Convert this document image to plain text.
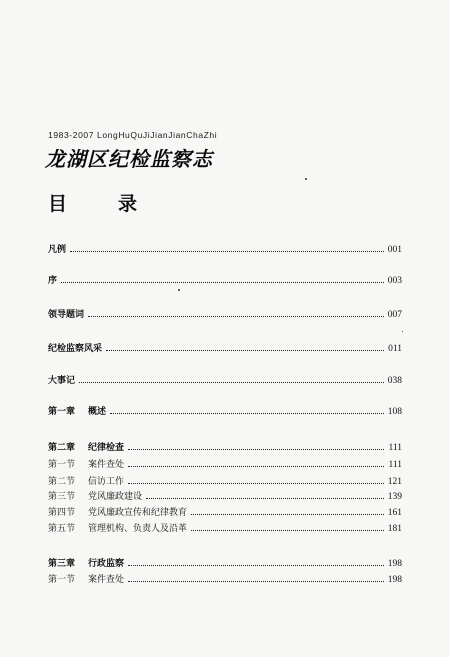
1983-2007 LongHuQuJiJianJianChaZhi
龙湖区纪检监察志
目　录
凡例	001
序	003
领导题词	007
纪检监察风采	011
大事记	038
第一章 概述	108
第二章 纪律检查	111
第一节 案件查处	111
第二节 信访工作	121
第三节 党风廉政建设	139
第四节 党风廉政宣传和纪律教育	161
第五节 管理机构、负责人及沿革	181
第三章 行政监察	198
第一节 案件查处	198
